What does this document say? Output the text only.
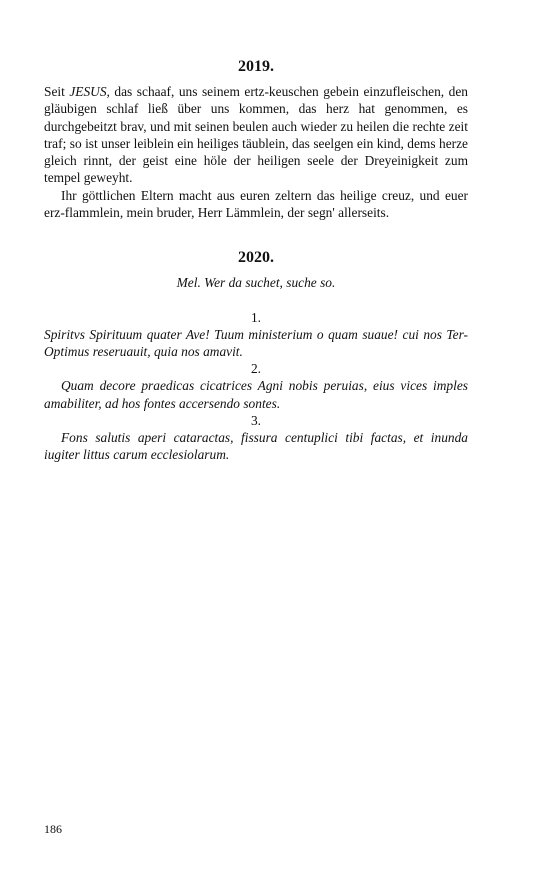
2019.

Seit JESUS, das schaaf, uns seinem ertz-keuschen gebein einzufleischen, den gläubigen schlaf ließ über uns kommen, das herz hat genommen, es durchgebeitzt brav, und mit seinen beulen auch wieder zu heilen die rechte zeit traf; so ist unser leiblein ein heiliges täublein, das seelgen ein kind, dems herze gleich rinnt, der geist eine höle der heiligen seele der Dreyeinigkeit zum tempel geweyht.

Ihr göttlichen Eltern macht aus euren zeltern das heilige creuz, und euer erz-flammlein, mein bruder, Herr Lämmlein, der segn' allerseits.

2020.

Mel. Wer da suchet, suche so.

1.

Spiritvs Spirituum quater Ave! Tuum ministerium o quam suaue! cui nos Ter-Optimus reseruauit, quia nos amavit.

2.

Quam decore praedicas cicatrices Agni nobis peruias, eius vices imples amabiliter, ad hos fontes accersendo sontes.

3.

Fons salutis aperi cataractas, fissura centuplici tibi factas, et inunda iugiter littus carum ecclesiolarum.

186
